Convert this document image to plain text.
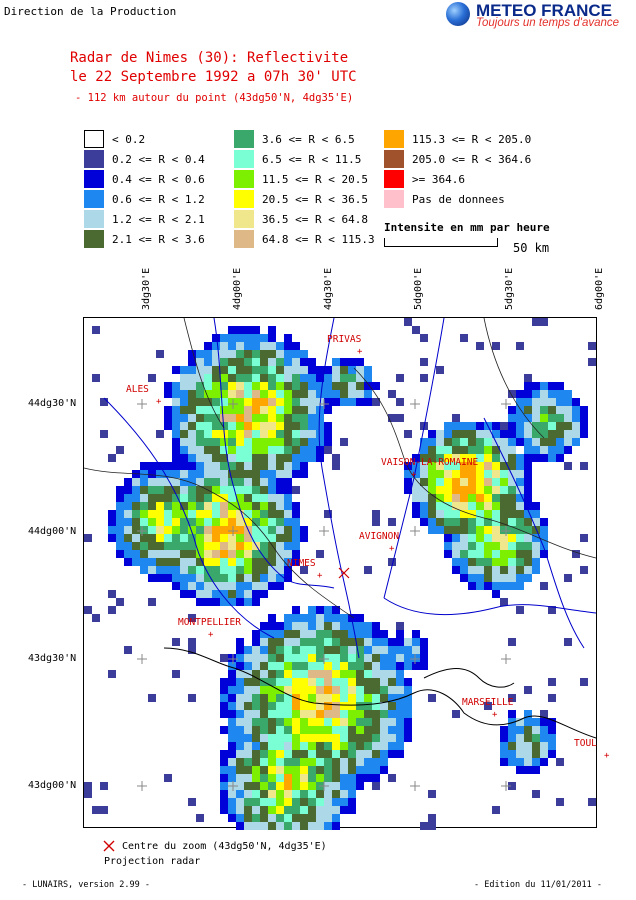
Direction de la Production	METEO FRANCE
Toujours un temps d'avance
Radar de Nimes (30): Reflectivite
le 22 Septembre 1992 a 07h 30' UTC
- 112 km autour du point (43dg50'N, 4dg35'E)
< 0.2
0.2 <= R < 0.4
0.4 <= R < 0.6
0.6 <= R < 1.2
1.2 <= R < 2.1
2.1 <= R < 3.6
3.6 <= R < 6.5
6.5 <= R < 11.5
11.5 <= R < 20.5
20.5 <= R < 36.5
36.5 <= R < 64.8
64.8 <= R < 115.3
115.3 <= R < 205.0
205.0 <= R < 364.6
>= 364.6
Pas de donnees
Intensite en mm par heure
50 km
3dg30'E	4dg00'E	4dg30'E	5dg00'E	5dg30'E	6dg00'E
44dg30'N
44dg00'N
43dg30'N
43dg00'N
PRIVAS
+
ALES
+
VAISON-LA-ROMAINE
+
AVIGNON
+
NIMES
+
MONTPELLIER
+
MARSEILLE
+
TOUL
+
Centre du zoom (43dg50'N, 4dg35'E)
Projection radar
- LUNAIRS, version 2.99 -	- Edition du 11/01/2011 -
